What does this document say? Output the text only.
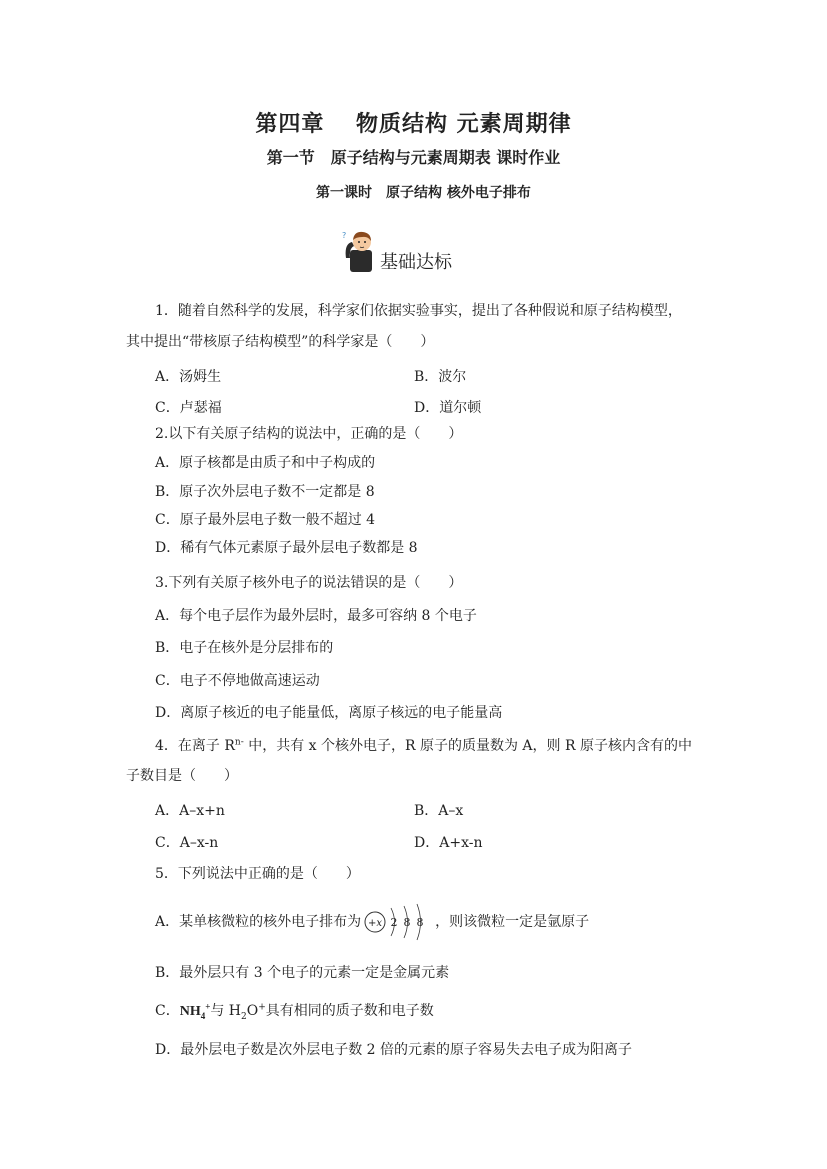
第四章　 物质结构 元素周期律
第一节　原子结构与元素周期表 课时作业
第一课时　原子结构 核外电子排布
?
基础达标
1．随着自然科学的发展，科学家们依据实验事实，提出了各种假说和原子结构模型，
其中提出“带核原子结构模型”的科学家是（　　）
A．汤姆生	B．波尔
C．卢瑟福	D．道尔顿
2.以下有关原子结构的说法中，正确的是（　　）
A．原子核都是由质子和中子构成的
B．原子次外层电子数不一定都是 8
C．原子最外层电子数一般不超过 4
D．稀有气体元素原子最外层电子数都是 8
3.下列有关原子核外电子的说法错误的是（　　）
A．每个电子层作为最外层时，最多可容纳 8 个电子
B．电子在核外是分层排布的
C．电子不停地做高速运动
D．离原子核近的电子能量低，离原子核远的电子能量高
4．在离子 $R^{n-}$ 中，共有 x 个核外电子，R 原子的质量数为 A，则 R 原子核内含有的中
子数目是（　　）
A．A–x+n	B．A–x
C．A–x-n	D．A+x-n
5．下列说法中正确的是（　　）
A．某单核微粒的核外电子排布为 +x 2 8 8 ，则该微粒一定是氩原子
B．最外层只有 3 个电子的元素一定是金属元素
C．$NH_4^+$与 $H_2O^+$具有相同的质子数和电子数
D．最外层电子数是次外层电子数 2 倍的元素的原子容易失去电子成为阳离子
